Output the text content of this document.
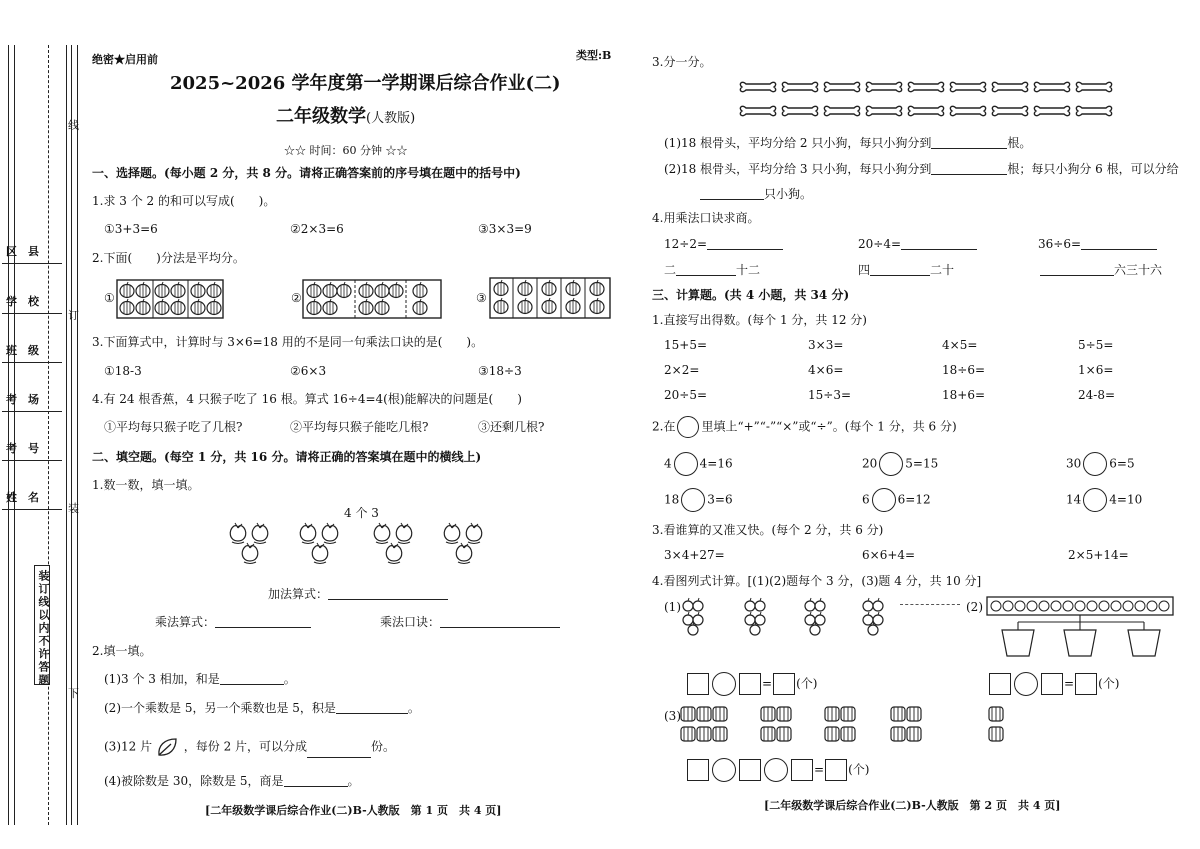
区　县
学　校
班　级
考　场
考　号
姓　名
线
订
装
下
装订线以内不许答题
绝密★启用前	类型:B
2025~2026 学年度第一学期课后综合作业(二)
二年级数学(人教版)
☆☆ 时间：60 分钟 ☆☆
一、选择题。(每小题 2 分，共 8 分。请将正确答案前的序号填在题中的括号中)
1.求 3 个 2 的和可以写成(　　)。
①3+3=6	②2×3=6	③3×3=9
2.下面(　　)分法是平均分。
①	②	③
3.下面算式中，计算时与 3×6=18 用的不是同一句乘法口诀的是(　　)。
①18-3	②6×3	③18÷3
4.有 24 根香蕉，4 只猴子吃了 16 根。算式 16÷4=4(根)能解决的问题是(　　)
①平均每只猴子吃了几根?	②平均每只猴子能吃几根?	③还剩几根?
二、填空题。(每空 1 分，共 16 分。请将正确的答案填在题中的横线上)
1.数一数，填一填。
4 个 3
加法算式：
乘法算式：	乘法口诀：
2.填一填。
(1)3 个 3 相加，和是	。
(2)一个乘数是 5，另一个乘数也是 5，积是	。
(3)12 片	，每份 2 片，可以分成	份。
(4)被除数是 30，除数是 5，商是	。
[二年级数学课后综合作业(二)B-人教版　第 1 页　共 4 页]
3.分一分。
(1)18 根骨头，平均分给 2 只小狗，每只小狗分到	根。
(2)18 根骨头，平均分给 3 只小狗，每只小狗分到	根；每只小狗分 6 根，可以分给
只小狗。
4.用乘法口诀求商。
12÷2=	20÷4=	36÷6=
二	十二	四	二十	六三十六
三、计算题。(共 4 小题，共 34 分)
1.直接写出得数。(每个 1 分，共 12 分)
15+5=	3×3=	4×5=	5÷5=
2×2=	4×6=	18÷6=	1×6=
20÷5=	15÷3=	18+6=	24-8=
2.在 里填上“+”“-”“×”或“÷”。(每个 1 分，共 6 分)
4 4=16	20 5=15	30 6=5
18 3=6	6 6=12	14 4=10
3.看谁算的又准又快。(每个 2 分，共 6 分)
3×4+27=	6×6+4=	2×5+14=
4.看图列式计算。[(1)(2)题每个 3 分，(3)题 4 分，共 10 分]
(1)	(2)
= (个)	= (个)
(3)
= (个)
[二年级数学课后综合作业(二)B-人教版　第 2 页　共 4 页]
